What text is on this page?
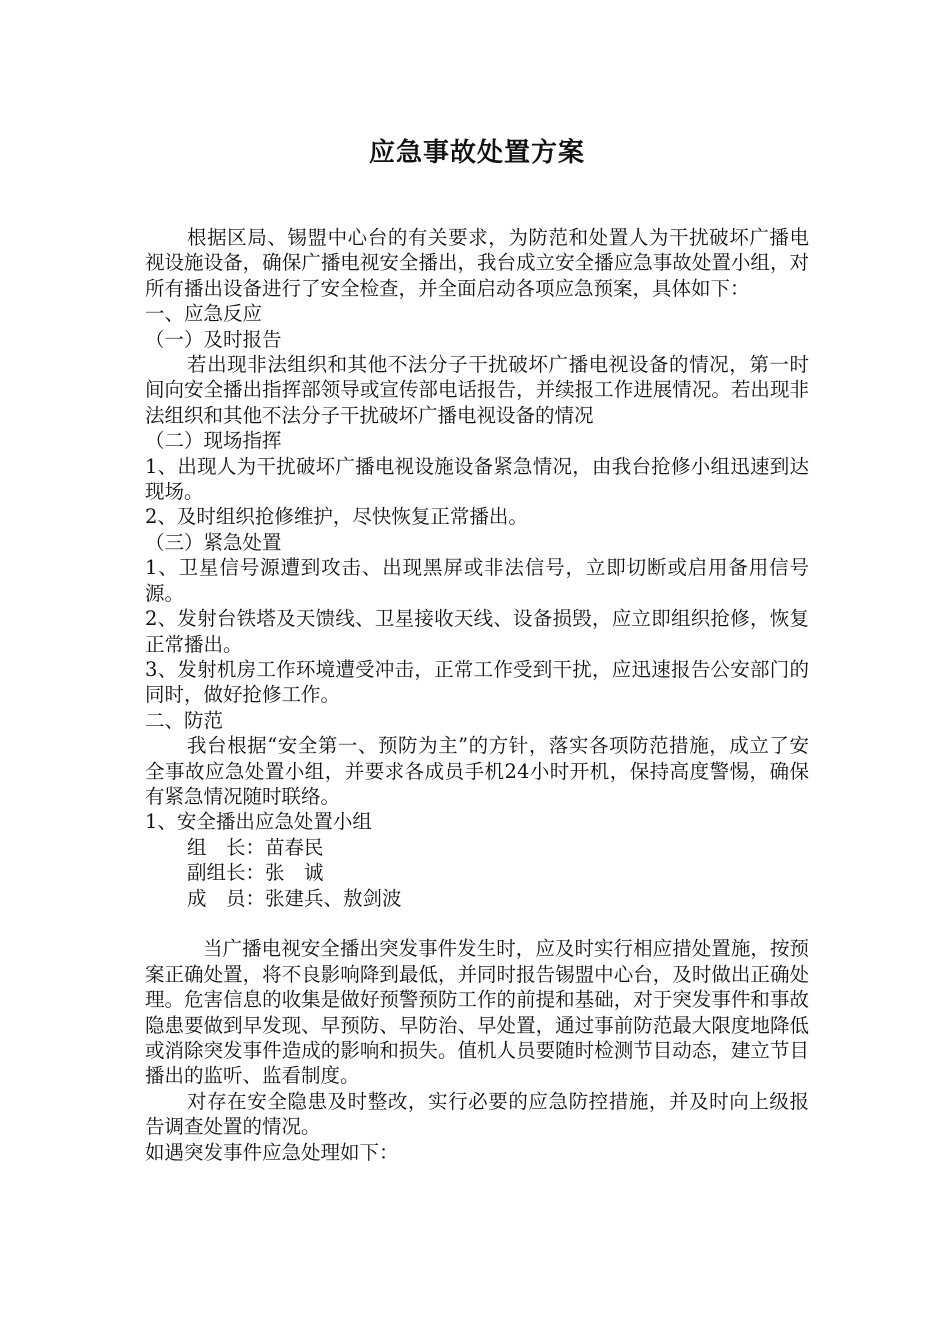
应急事故处置方案

根据区局、锡盟中心台的有关要求，为防范和处置人为干扰破坏广播电视设施设备，确保广播电视安全播出，我台成立安全播应急事故处置小组，对所有播出设备进行了安全检查，并全面启动各项应急预案，具体如下：

一、应急反应

（一）及时报告

若出现非法组织和其他不法分子干扰破坏广播电视设备的情况，第一时间向安全播出指挥部领导或宣传部电话报告，并续报工作进展情况。若出现非法组织和其他不法分子干扰破坏广播电视设备的情况

（二）现场指挥

1、出现人为干扰破坏广播电视设施设备紧急情况，由我台抢修小组迅速到达现场。

2、及时组织抢修维护，尽快恢复正常播出。

（三）紧急处置

1、卫星信号源遭到攻击、出现黑屏或非法信号，立即切断或启用备用信号源。

2、发射台铁塔及天馈线、卫星接收天线、设备损毁，应立即组织抢修，恢复正常播出。

3、发射机房工作环境遭受冲击，正常工作受到干扰，应迅速报告公安部门的同时，做好抢修工作。

二、防范

我台根据“安全第一、预防为主”的方针，落实各项防范措施，成立了安全事故应急处置小组，并要求各成员手机24小时开机，保持高度警惕，确保有紧急情况随时联络。

1、安全播出应急处置小组

组　长：苗春民

副组长：张　诚

成　员：张建兵、敖剑波

当广播电视安全播出突发事件发生时，应及时实行相应措处置施，按预案正确处置，将不良影响降到最低，并同时报告锡盟中心台，及时做出正确处理。危害信息的收集是做好预警预防工作的前提和基础，对于突发事件和事故隐患要做到早发现、早预防、早防治、早处置，通过事前防范最大限度地降低或消除突发事件造成的影响和损失。值机人员要随时检测节目动态，建立节目播出的监听、监看制度。

对存在安全隐患及时整改，实行必要的应急防控措施，并及时向上级报告调查处置的情况。

如遇突发事件应急处理如下：
